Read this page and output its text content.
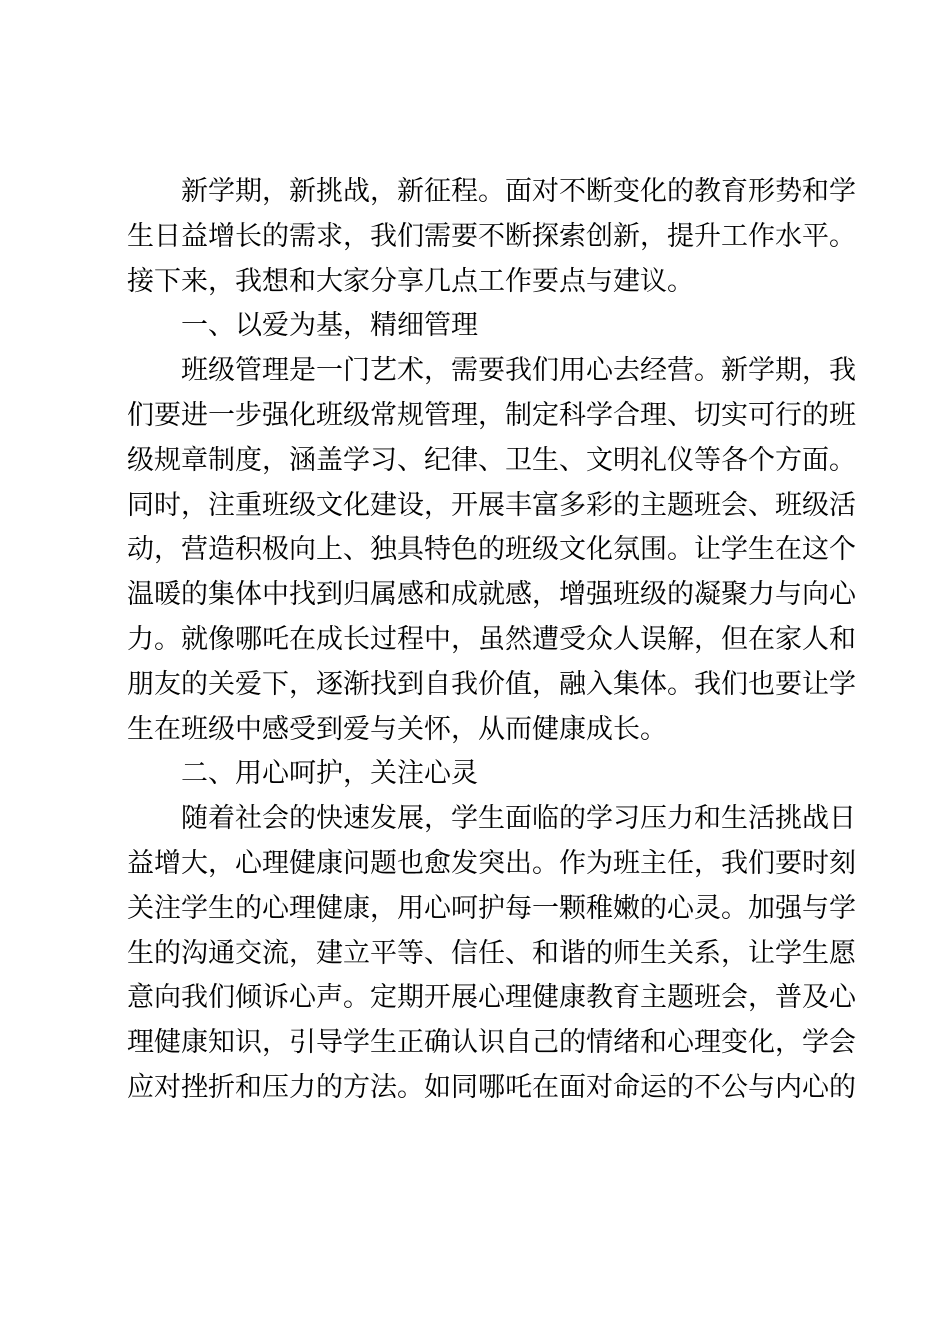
新学期，新挑战，新征程。面对不断变化的教育形势和学
生日益增长的需求，我们需要不断探索创新，提升工作水平。
接下来，我想和大家分享几点工作要点与建议。
一、以爱为基，精细管理
班级管理是一门艺术，需要我们用心去经营。新学期，我
们要进一步强化班级常规管理，制定科学合理、切实可行的班
级规章制度，涵盖学习、纪律、卫生、文明礼仪等各个方面。
同时，注重班级文化建设，开展丰富多彩的主题班会、班级活
动，营造积极向上、独具特色的班级文化氛围。让学生在这个
温暖的集体中找到归属感和成就感，增强班级的凝聚力与向心
力。就像哪吒在成长过程中，虽然遭受众人误解，但在家人和
朋友的关爱下，逐渐找到自我价值，融入集体。我们也要让学
生在班级中感受到爱与关怀，从而健康成长。
二、用心呵护，关注心灵
随着社会的快速发展，学生面临的学习压力和生活挑战日
益增大，心理健康问题也愈发突出。作为班主任，我们要时刻
关注学生的心理健康，用心呵护每一颗稚嫩的心灵。加强与学
生的沟通交流，建立平等、信任、和谐的师生关系，让学生愿
意向我们倾诉心声。定期开展心理健康教育主题班会，普及心
理健康知识，引导学生正确认识自己的情绪和心理变化，学会
应对挫折和压力的方法。如同哪吒在面对命运的不公与内心的
